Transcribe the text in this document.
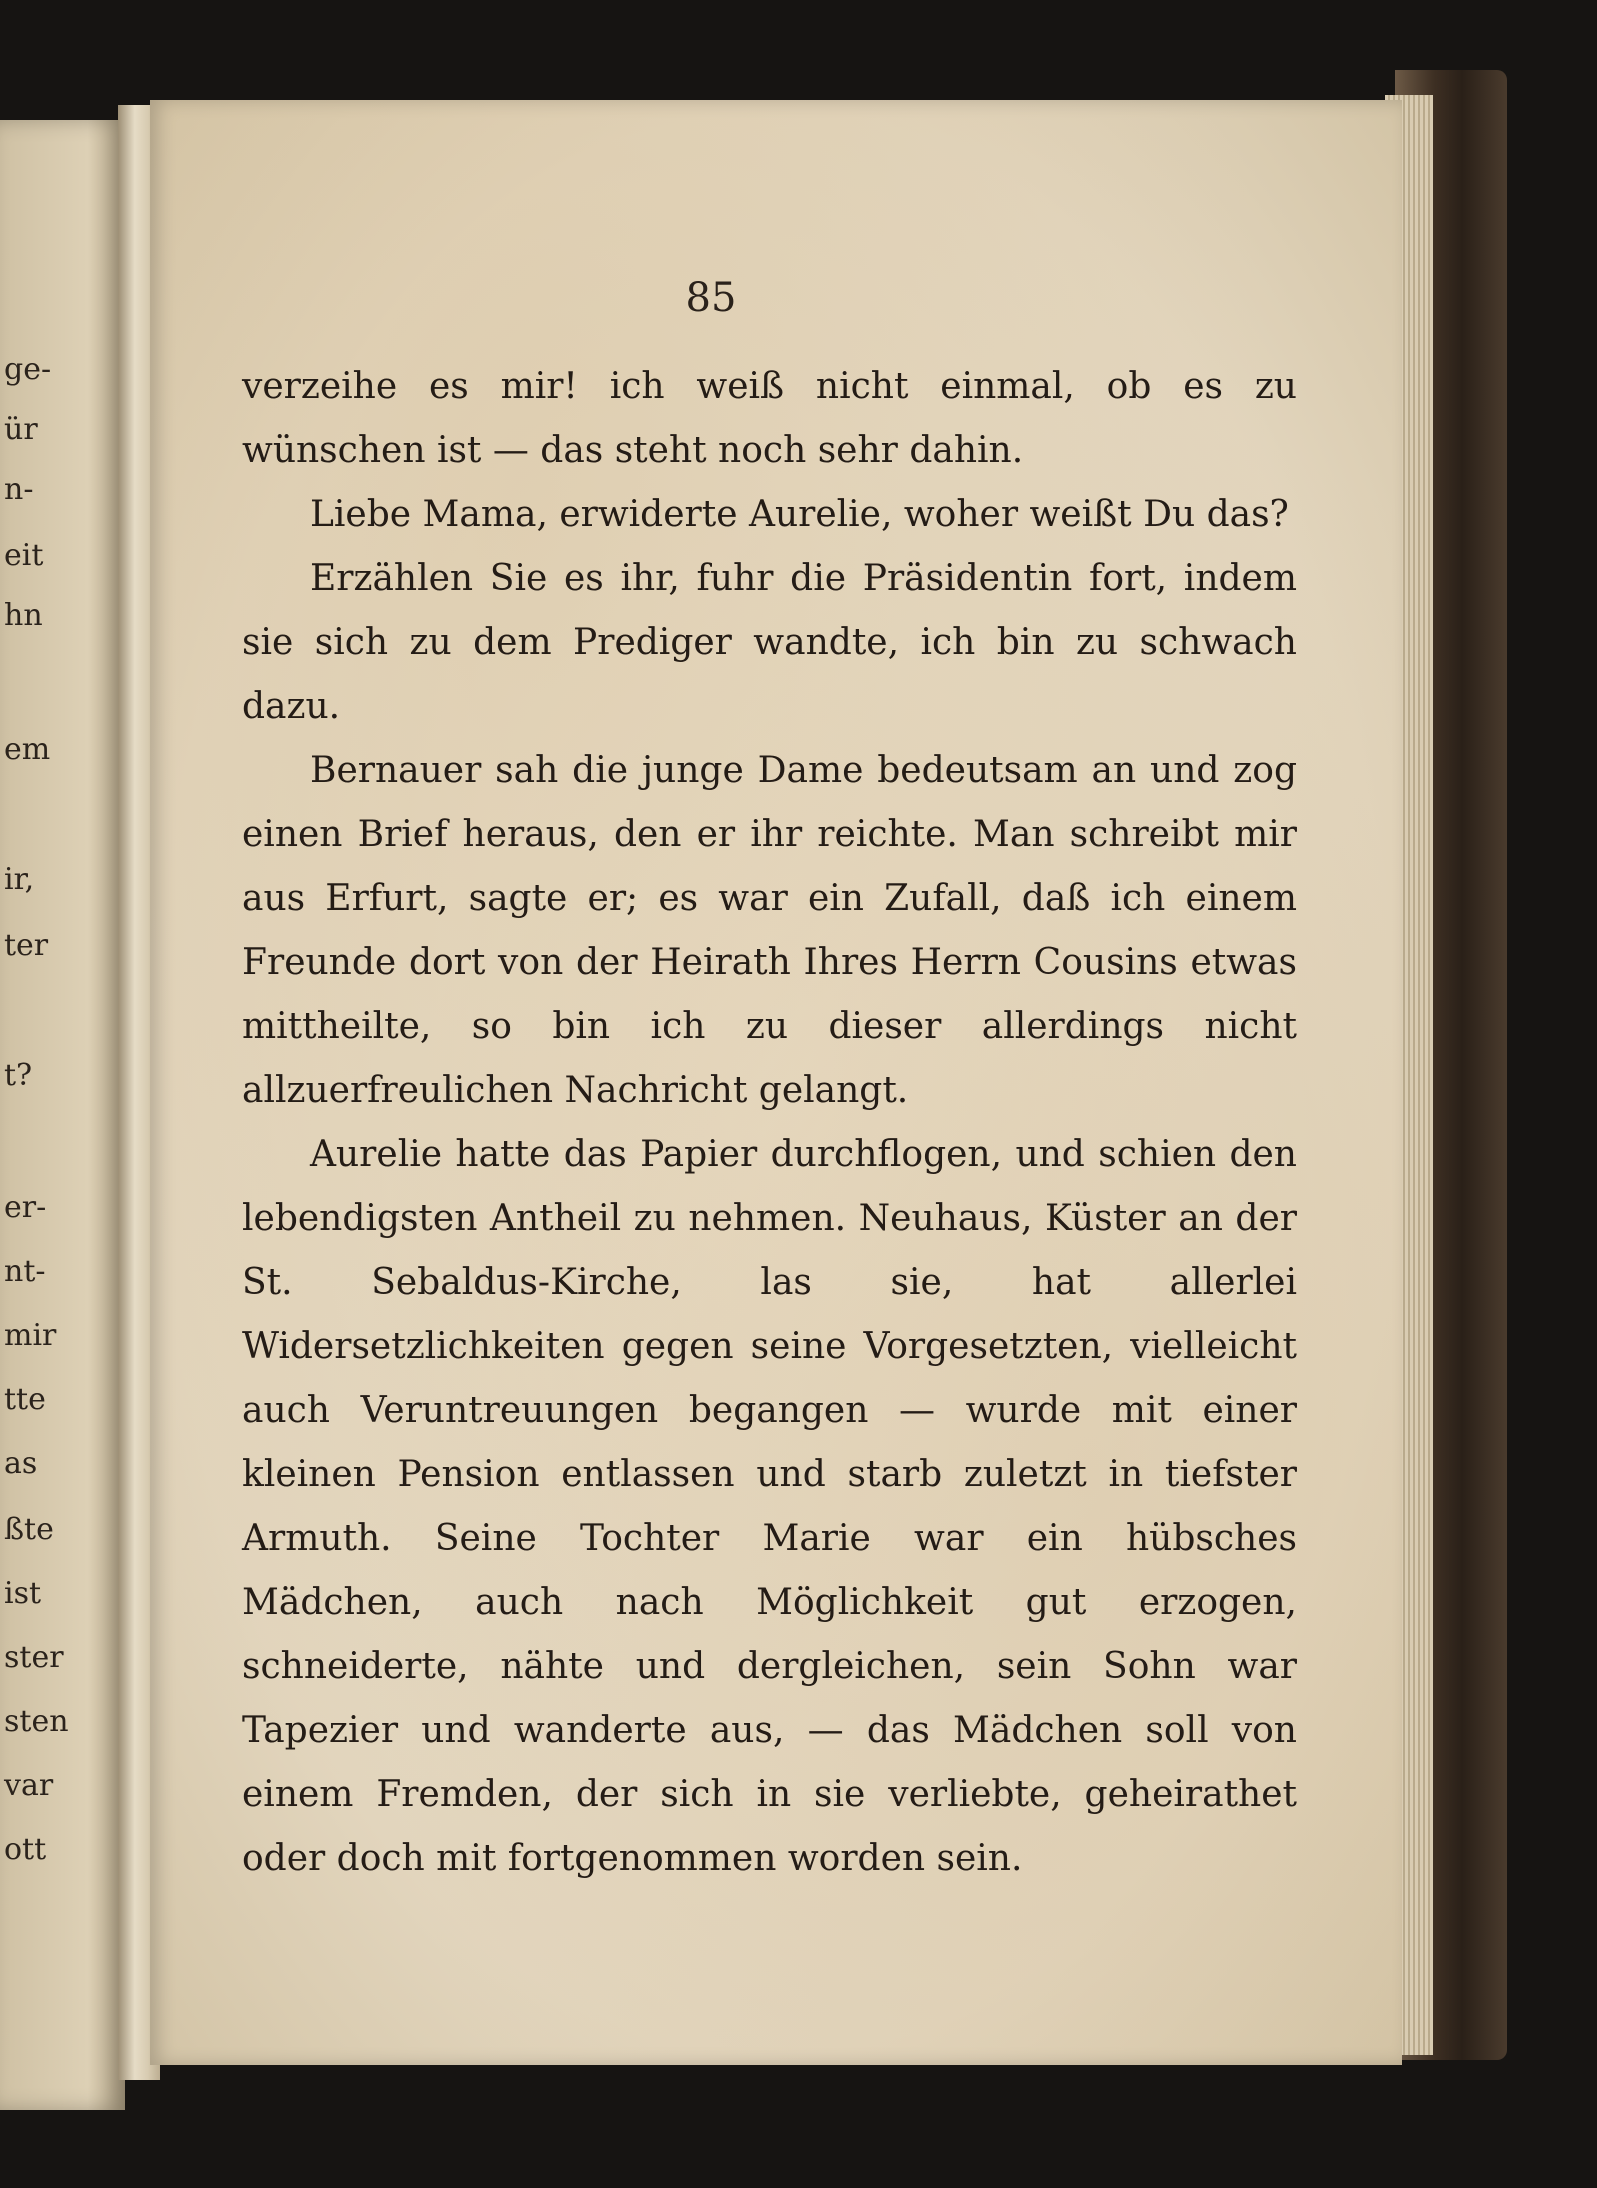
ge-
ür
n-
eit
hn
em
ir,
ter
t?
er-
nt-
mir
tte
as
ßte
ist
ster
sten
var
ott
85

verzeihe es mir! ich weiß nicht einmal, ob es zu wünschen ist — das steht noch sehr dahin.

Liebe Mama, erwiderte Aurelie, woher weißt Du das?

Erzählen Sie es ihr, fuhr die Präsidentin fort, indem sie sich zu dem Prediger wandte, ich bin zu schwach dazu.

Bernauer sah die junge Dame bedeutsam an und zog einen Brief heraus, den er ihr reichte. Man schreibt mir aus Erfurt, sagte er; es war ein Zufall, daß ich einem Freunde dort von der Heirath Ihres Herrn Cousins etwas mittheilte, so bin ich zu dieser allerdings nicht allzuerfreulichen Nachricht gelangt.

Aurelie hatte das Papier durchflogen, und schien den lebendigsten Antheil zu nehmen. Neuhaus, Küster an der St. Sebaldus-Kirche, las sie, hat allerlei Widersetzlichkeiten gegen seine Vorgesetzten, vielleicht auch Veruntreuungen begangen — wurde mit einer kleinen Pension entlassen und starb zuletzt in tiefster Armuth. Seine Tochter Marie war ein hübsches Mädchen, auch nach Möglichkeit gut erzogen, schneiderte, nähte und dergleichen, sein Sohn war Tapezier und wanderte aus, — das Mädchen soll von einem Fremden, der sich in sie verliebte, geheirathet oder doch mit fortgenommen worden sein.
